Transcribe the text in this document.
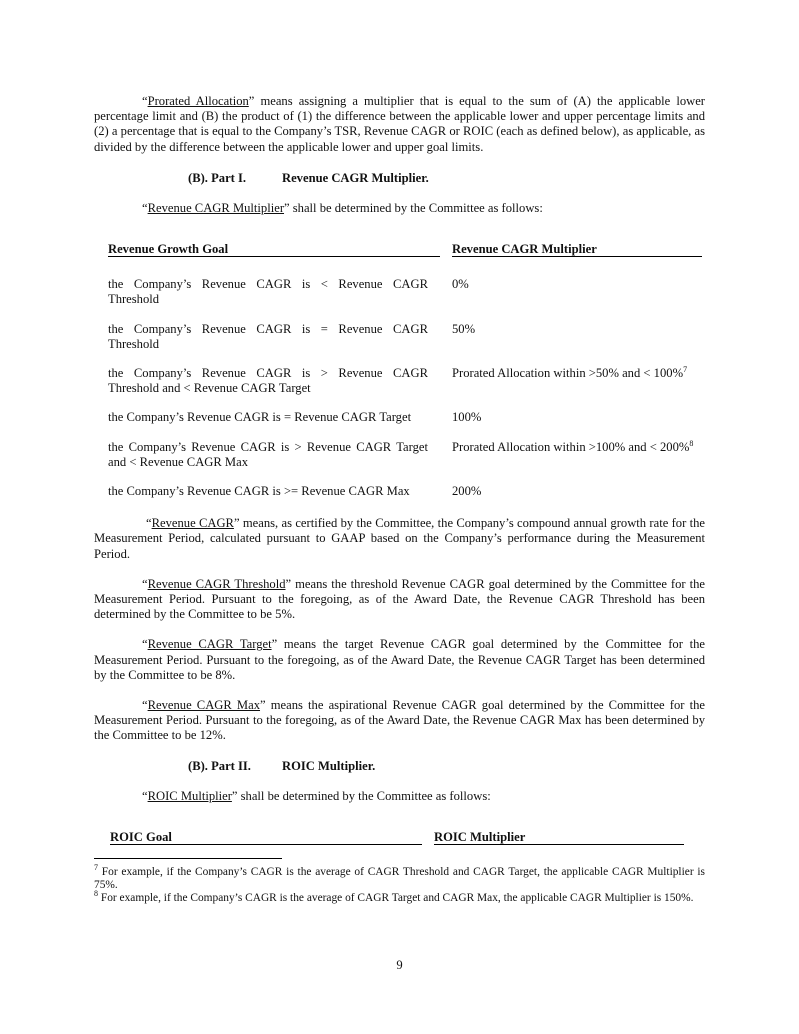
“Prorated Allocation” means assigning a multiplier that is equal to the sum of (A) the applicable lower percentage limit and (B) the product of (1) the difference between the applicable lower and upper percentage limits and (2) a percentage that is equal to the Company’s TSR, Revenue CAGR or ROIC (each as defined below), as applicable, as divided by the difference between the applicable lower and upper goal limits.

(B). Part I.	Revenue CAGR Multiplier.

“Revenue CAGR Multiplier” shall be determined by the Committee as follows:

Revenue Growth Goal		Revenue CAGR Multiplier
the Company’s Revenue CAGR is < Revenue CAGR Threshold		0%
the Company’s Revenue CAGR is = Revenue CAGR Threshold		50%
the Company’s Revenue CAGR is > Revenue CAGR Threshold and < Revenue CAGR Target		Prorated Allocation within >50% and < 100%$^7$
the Company’s Revenue CAGR is = Revenue CAGR Target		100%
the Company’s Revenue CAGR is > Revenue CAGR Target and < Revenue CAGR Max		Prorated Allocation within >100% and < 200%$^8$
the Company’s Revenue CAGR is >= Revenue CAGR Max		200%

“Revenue CAGR” means, as certified by the Committee, the Company’s compound annual growth rate for the Measurement Period, calculated pursuant to GAAP based on the Company’s performance during the Measurement Period.

“Revenue CAGR Threshold” means the threshold Revenue CAGR goal determined by the Committee for the Measurement Period. Pursuant to the foregoing, as of the Award Date, the Revenue CAGR Threshold has been determined by the Committee to be 5%.

“Revenue CAGR Target” means the target Revenue CAGR goal determined by the Committee for the Measurement Period. Pursuant to the foregoing, as of the Award Date, the Revenue CAGR Target has been determined by the Committee to be 8%.

“Revenue CAGR Max” means the aspirational Revenue CAGR goal determined by the Committee for the Measurement Period. Pursuant to the foregoing, as of the Award Date, the Revenue CAGR Max has been determined by the Committee to be 12%.

(B). Part II. ROIC Multiplier.

“ROIC Multiplier” shall be determined by the Committee as follows:

ROIC Goal		ROIC Multiplier

$^7$ For example, if the Company’s CAGR is the average of CAGR Threshold and CAGR Target, the applicable CAGR Multiplier is 75%.

$^8$ For example, if the Company’s CAGR is the average of CAGR Target and CAGR Max, the applicable CAGR Multiplier is 150%.

9
